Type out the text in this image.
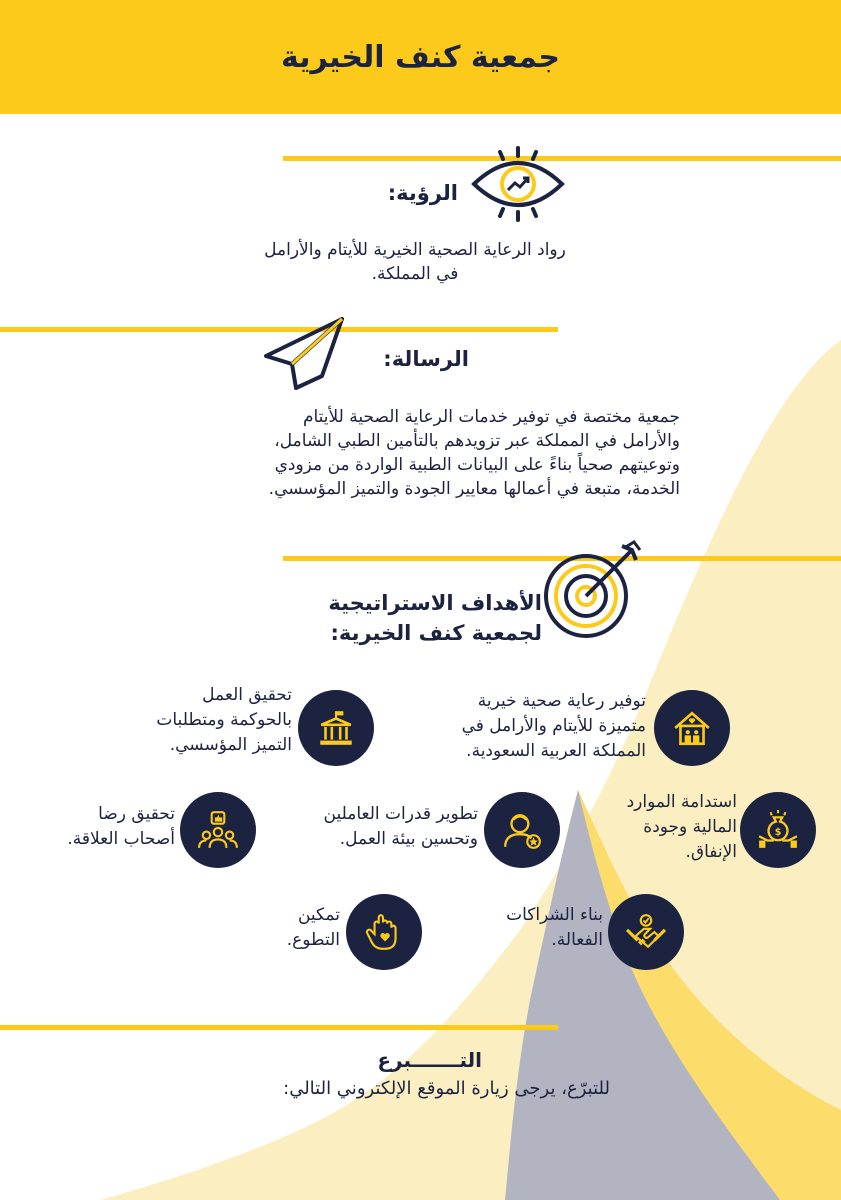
جمعية كنف الخيرية
الرؤية:
رواد الرعاية الصحية الخيرية للأيتام والأرامل
في المملكة.
الرسالة:
جمعية مختصة في توفير خدمات الرعاية الصحية للأيتام
والأرامل في المملكة عبر تزويدهم بالتأمين الطبي الشامل،
وتوعيتهم صحياً بناءً على البيانات الطبية الواردة من مزودي
الخدمة، متبعة في أعمالها معايير الجودة والتميز المؤسسي.
الأهداف الاستراتيجية
لجمعية كنف الخيرية:
توفير رعاية صحية خيرية
متميزة للأيتام والأرامل في
المملكة العربية السعودية.
تحقيق العمل
بالحوكمة ومتطلبات
التميز المؤسسي.
$
استدامة الموارد
المالية وجودة
الإنفاق.
تطوير قدرات العاملين
وتحسين بيئة العمل.
تحقيق رضا
أصحاب العلاقة.
بناء الشراكات
الفعالة.
تمكين
التطوع.
التـــــــبرع
للتبرّع، يرجى زيارة الموقع الإلكتروني التالي:
